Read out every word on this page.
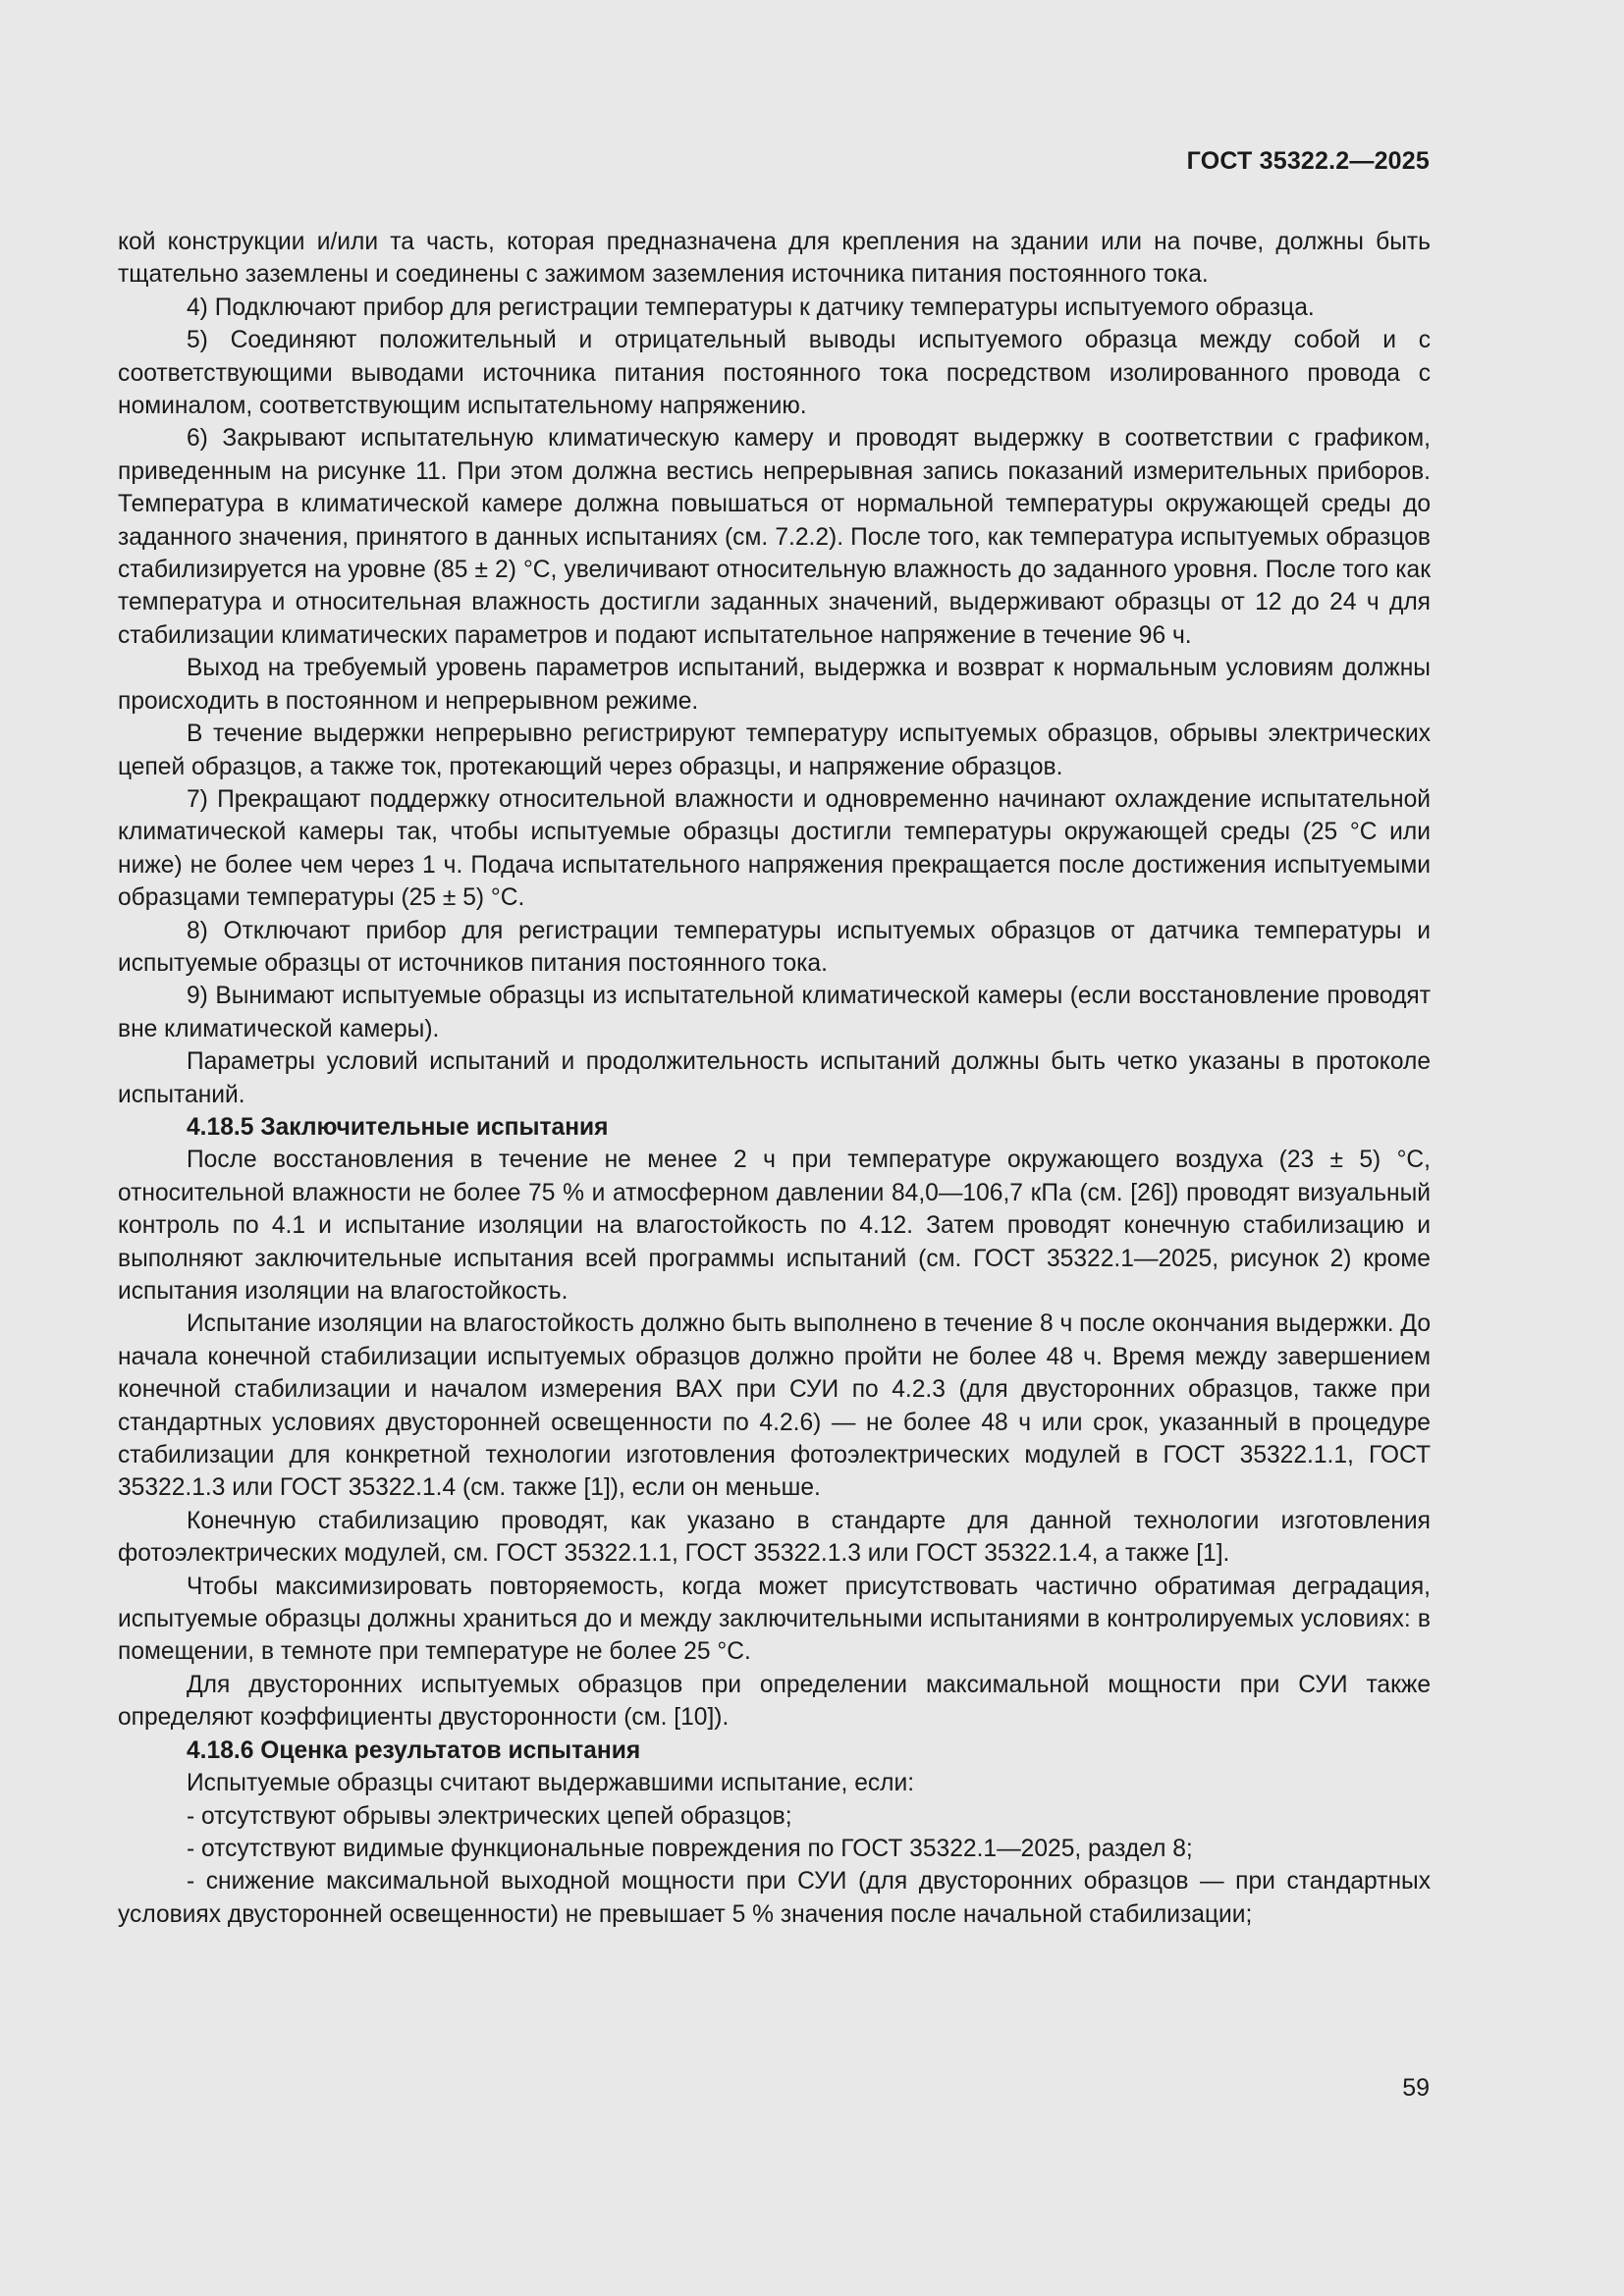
ГОСТ 35322.2—2025

кой конструкции и/или та часть, которая предназначена для крепления на здании или на почве, должны быть тщательно заземлены и соединены с зажимом заземления источника питания постоянного тока.

4) Подключают прибор для регистрации температуры к датчику температуры испытуемого образца.

5) Соединяют положительный и отрицательный выводы испытуемого образца между собой и с соответствующими выводами источника питания постоянного тока посредством изолированного провода с номиналом, соответствующим испытательному напряжению.

6) Закрывают испытательную климатическую камеру и проводят выдержку в соответствии с графиком, приведенным на рисунке 11. При этом должна вестись непрерывная запись показаний измерительных приборов. Температура в климатической камере должна повышаться от нормальной температуры окружающей среды до заданного значения, принятого в данных испытаниях (см. 7.2.2). После того, как температура испытуемых образцов стабилизируется на уровне (85 ± 2) °С, увеличивают относительную влажность до заданного уровня. После того как температура и относительная влажность достигли заданных значений, выдерживают образцы от 12 до 24 ч для стабилизации климатических параметров и подают испытательное напряжение в течение 96 ч.

Выход на требуемый уровень параметров испытаний, выдержка и возврат к нормальным условиям должны происходить в постоянном и непрерывном режиме.

В течение выдержки непрерывно регистрируют температуру испытуемых образцов, обрывы электрических цепей образцов, а также ток, протекающий через образцы, и напряжение образцов.

7) Прекращают поддержку относительной влажности и одновременно начинают охлаждение испытательной климатической камеры так, чтобы испытуемые образцы достигли температуры окружающей среды (25 °С или ниже) не более чем через 1 ч. Подача испытательного напряжения прекращается после достижения испытуемыми образцами температуры (25 ± 5) °С.

8) Отключают прибор для регистрации температуры испытуемых образцов от датчика температуры и испытуемые образцы от источников питания постоянного тока.

9) Вынимают испытуемые образцы из испытательной климатической камеры (если восстановление проводят вне климатической камеры).

Параметры условий испытаний и продолжительность испытаний должны быть четко указаны в протоколе испытаний.

4.18.5 Заключительные испытания

После восстановления в течение не менее 2 ч при температуре окружающего воздуха (23 ± 5) °С, относительной влажности не более 75 % и атмосферном давлении 84,0—106,7 кПа (см. [26]) проводят визуальный контроль по 4.1 и испытание изоляции на влагостойкость по 4.12. Затем проводят конечную стабилизацию и выполняют заключительные испытания всей программы испытаний (см. ГОСТ 35322.1—2025, рисунок 2) кроме испытания изоляции на влагостойкость.

Испытание изоляции на влагостойкость должно быть выполнено в течение 8 ч после окончания выдержки. До начала конечной стабилизации испытуемых образцов должно пройти не более 48 ч. Время между завершением конечной стабилизации и началом измерения ВАХ при СУИ по 4.2.3 (для двусторонних образцов, также при стандартных условиях двусторонней освещенности по 4.2.6) — не более 48 ч или срок, указанный в процедуре стабилизации для конкретной технологии изготовления фотоэлектрических модулей в ГОСТ 35322.1.1, ГОСТ 35322.1.3 или ГОСТ 35322.1.4 (см. также [1]), если он меньше.

Конечную стабилизацию проводят, как указано в стандарте для данной технологии изготовления фотоэлектрических модулей, см. ГОСТ 35322.1.1, ГОСТ 35322.1.3 или ГОСТ 35322.1.4, а также [1].

Чтобы максимизировать повторяемость, когда может присутствовать частично обратимая деградация, испытуемые образцы должны храниться до и между заключительными испытаниями в контролируемых условиях: в помещении, в темноте при температуре не более 25 °С.

Для двусторонних испытуемых образцов при определении максимальной мощности при СУИ также определяют коэффициенты двусторонности (см. [10]).

4.18.6 Оценка результатов испытания

Испытуемые образцы считают выдержавшими испытание, если:

- отсутствуют обрывы электрических цепей образцов;

- отсутствуют видимые функциональные повреждения по ГОСТ 35322.1—2025, раздел 8;

- снижение максимальной выходной мощности при СУИ (для двусторонних образцов — при стандартных условиях двусторонней освещенности) не превышает 5 % значения после начальной стабилизации;

59
